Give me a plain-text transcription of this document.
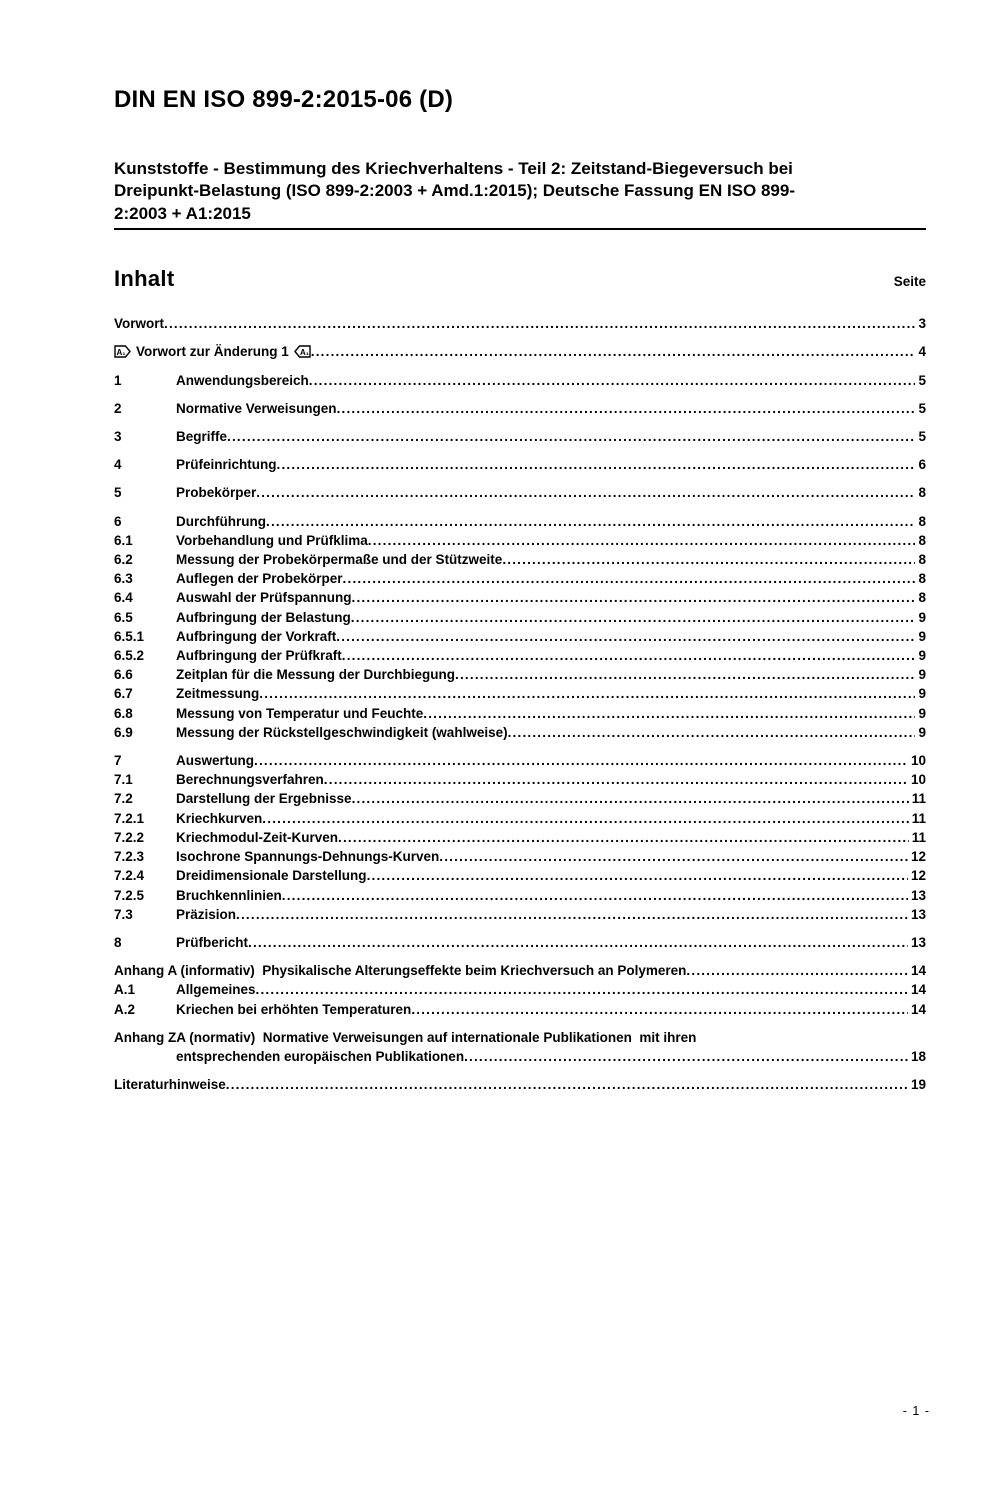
DIN EN ISO 899-2:2015-06 (D)
Kunststoffe - Bestimmung des Kriechverhaltens - Teil 2: Zeitstand-Biegeversuch bei
Dreipunkt-Belastung (ISO 899-2:2003 + Amd.1:2015); Deutsche Fassung EN ISO 899-
2:2003 + A1:2015
Inhalt	Seite
Vorwort .....	3
A₁ Vorwort zur Änderung 1 A₁ .....	4
1	Anwendungsbereich .....	5
2	Normative Verweisungen .....	5
3	Begriffe .....	5
4	Prüfeinrichtung .....	6
5	Probekörper .....	8
6	Durchführung .....	8
6.1	Vorbehandlung und Prüfklima .....	8
6.2	Messung der Probekörpermaße und der Stützweite .....	8
6.3	Auflegen der Probekörper .....	8
6.4	Auswahl der Prüfspannung .....	8
6.5	Aufbringung der Belastung .....	9
6.5.1	Aufbringung der Vorkraft .....	9
6.5.2	Aufbringung der Prüfkraft .....	9
6.6	Zeitplan für die Messung der Durchbiegung .....	9
6.7	Zeitmessung .....	9
6.8	Messung von Temperatur und Feuchte .....	9
6.9	Messung der Rückstellgeschwindigkeit (wahlweise) .....	9
7	Auswertung .....	10
7.1	Berechnungsverfahren .....	10
7.2	Darstellung der Ergebnisse .....	11
7.2.1	Kriechkurven .....	11
7.2.2	Kriechmodul-Zeit-Kurven .....	11
7.2.3	Isochrone Spannungs-Dehnungs-Kurven .....	12
7.2.4	Dreidimensionale Darstellung .....	12
7.2.5	Bruchkennlinien .....	13
7.3	Präzision .....	13
8	Prüfbericht .....	13
Anhang A (informativ)  Physikalische Alterungseffekte beim Kriechversuch an Polymeren .....	14
A.1	Allgemeines .....	14
A.2	Kriechen bei erhöhten Temperaturen .....	14
Anhang ZA (normativ)  Normative Verweisungen auf internationale Publikationen  mit ihren
entsprechenden europäischen Publikationen .....	18
Literaturhinweise .....	19
- 1 -
